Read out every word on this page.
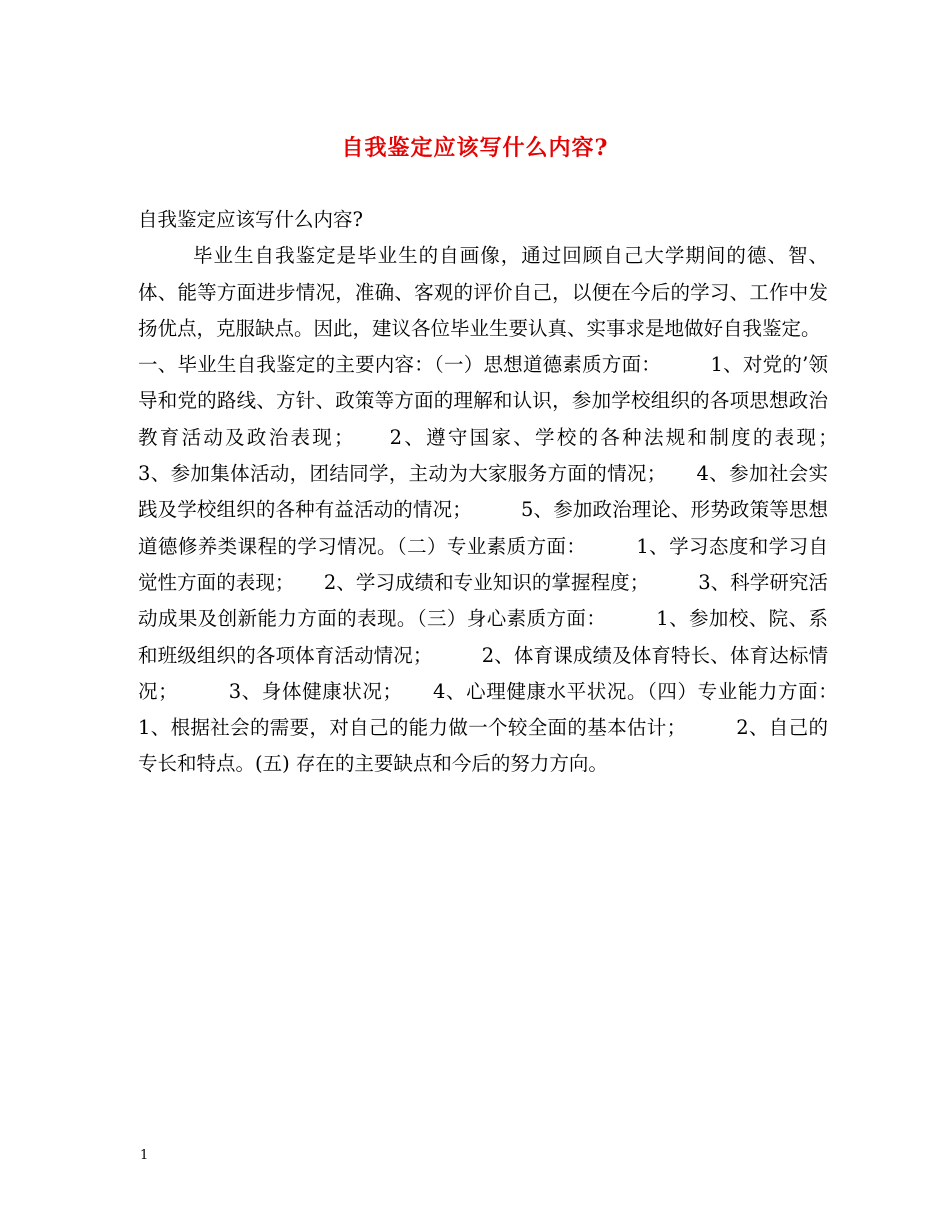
自我鉴定应该写什么内容?

自我鉴定应该写什么内容?

毕业生自我鉴定是毕业生的自画像，通过回顾自己大学期间的德、智、体、能等方面进步情况，准确、客观的评价自己，以便在今后的学习、工作中发扬优点，克服缺点。因此，建议各位毕业生要认真、实事求是地做好自我鉴定。

一、毕业生自我鉴定的主要内容：（一）思想道德素质方面：　　　1、对党的’领导和党的路线、方针、政策等方面的理解和认识，参加学校组织的各项思想政治教育活动及政治表现；　　2、遵守国家、学校的各种法规和制度的表现；　　　3、参加集体活动，团结同学，主动为大家服务方面的情况；　　4、参加社会实践及学校组织的各种有益活动的情况；　　　5、参加政治理论、形势政策等思想道德修养类课程的学习情况。（二）专业素质方面：　　　1、学习态度和学习自觉性方面的表现；　　2、学习成绩和专业知识的掌握程度；　　　3、科学研究活动成果及创新能力方面的表现。（三）身心素质方面：　　　1、参加校、院、系和班级组织的各项体育活动情况；　　　2、体育课成绩及体育特长、体育达标情况；　　　3、身体健康状况；　　4、心理健康水平状况。（四）专业能力方面：　　　1、根据社会的需要，对自己的能力做一个较全面的基本估计；　　　2、自己的专长和特点。(五) 存在的主要缺点和今后的努力方向。

1
